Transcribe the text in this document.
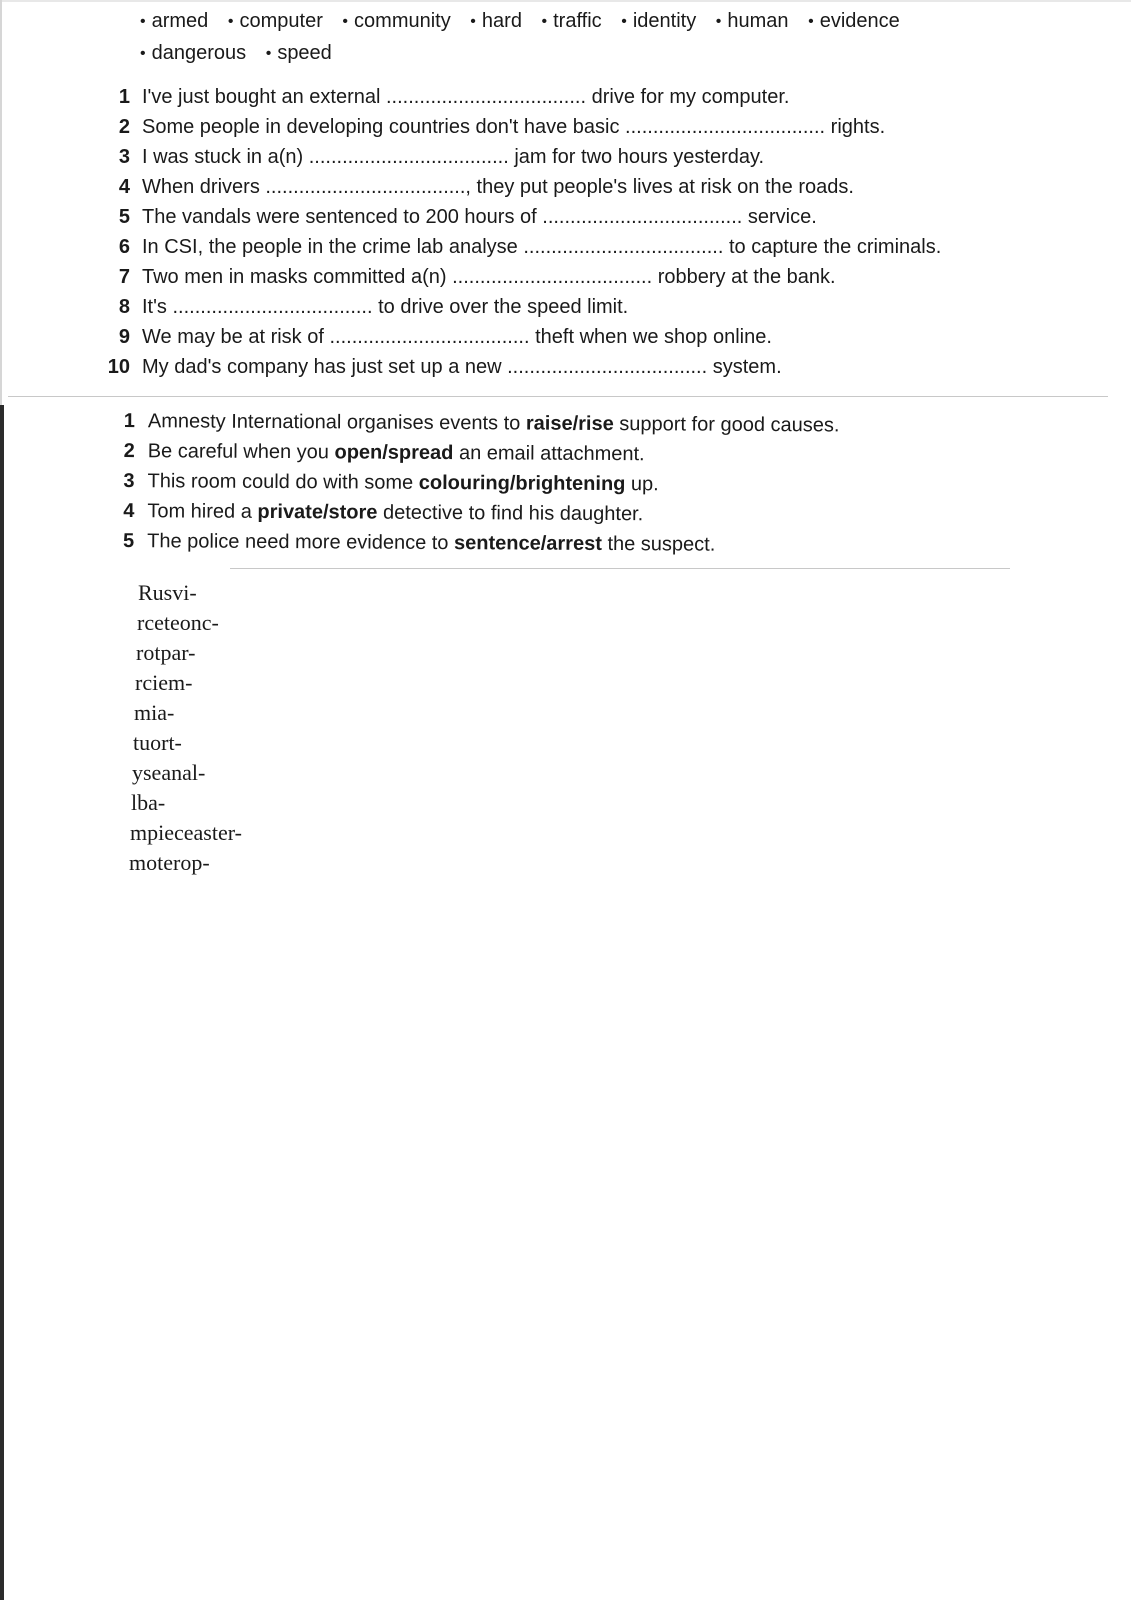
• armed • computer • community • hard • traffic • identity • human • evidence • dangerous • speed
1 I've just bought an external
....................................
drive for my computer.
2 Some people in developing countries don't have basic
....................................
rights.
3 I was stuck in a(n)
....................................
jam for two hours yesterday.
4 When drivers
....................................,
they put people's lives at risk on the roads.
5 The vandals were sentenced to 200 hours of
....................................
service.
6 In CSI, the people in the crime lab analyse
....................................
to capture the criminals.
7 Two men in masks committed a(n)
....................................
robbery at the bank.
8 It's
....................................
to drive over the speed limit.
9 We may be at risk of
....................................
theft when we shop online.
10 My dad's company has just set up a new
....................................
system.
1 Amnesty International organises events to
raise/rise
support for good causes.
2 Be careful when you
open/spread
an email attachment.
3 This room could do with some
colouring/brightening
up.
4 Tom hired a
private/store
detective to find his daughter.
5 The police need more evidence to
sentence/arrest
the suspect.
Rusvi-
rceteonc-
rotpar-
rciem-
mia-
tuort-
yseanal-
lba-
mpieceaster-
moterop-
